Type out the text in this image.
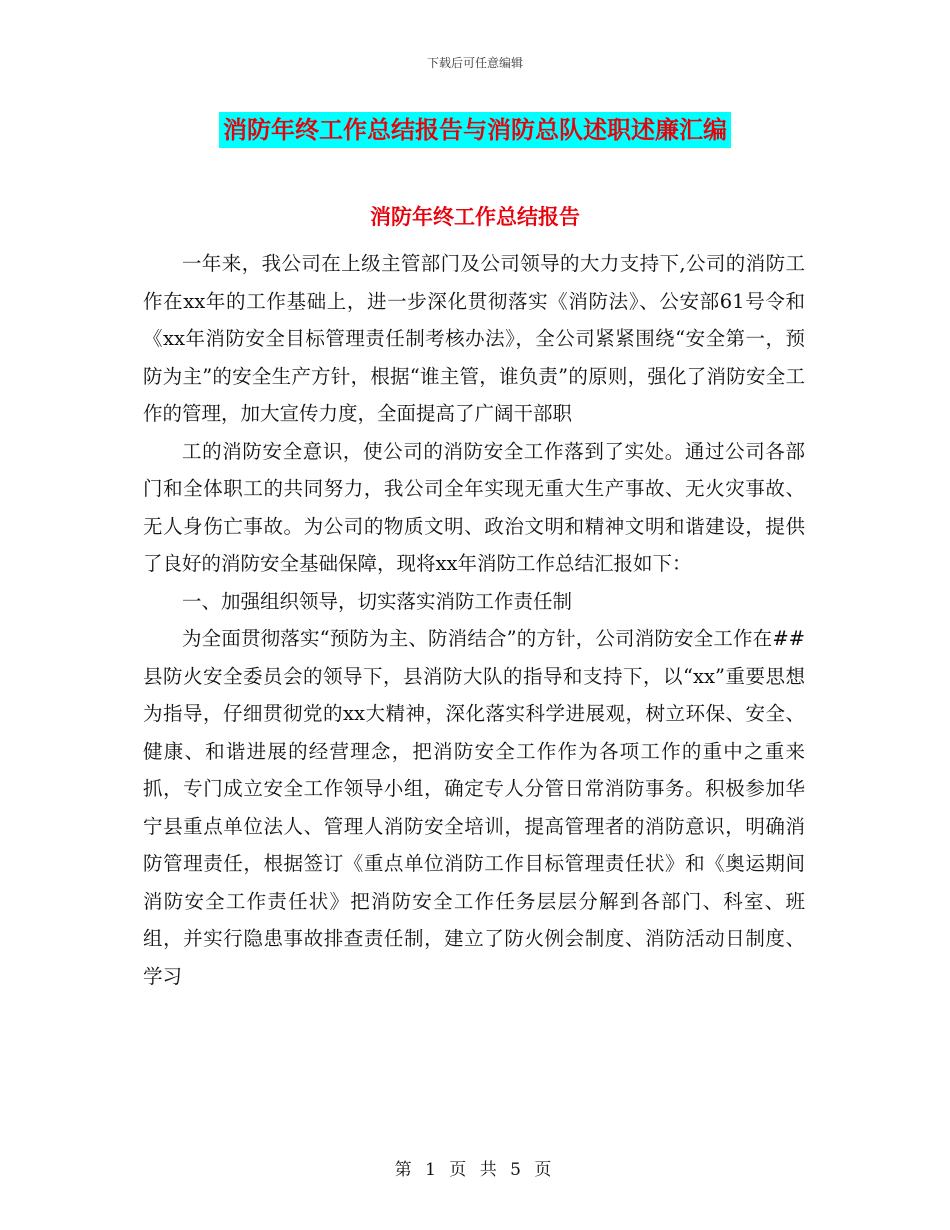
下载后可任意编辑
消防年终工作总结报告与消防总队述职述廉汇编
消防年终工作总结报告

一年来，我公司在上级主管部门及公司领导的大力支持下,公司的消防工作在xx年的工作基础上，进一步深化贯彻落实《消防法》、公安部61号令和《xx年消防安全目标管理责任制考核办法》，全公司紧紧围绕“安全第一，预防为主”的安全生产方针，根据“谁主管，谁负责”的原则，强化了消防安全工作的管理，加大宣传力度，全面提高了广阔干部职

工的消防安全意识，使公司的消防安全工作落到了实处。通过公司各部门和全体职工的共同努力，我公司全年实现无重大生产事故、无火灾事故、无人身伤亡事故。为公司的物质文明、政治文明和精神文明和谐建设，提供了良好的消防安全基础保障，现将xx年消防工作总结汇报如下：

一、加强组织领导，切实落实消防工作责任制

为全面贯彻落实“预防为主、防消结合”的方针，公司消防安全工作在##县防火安全委员会的领导下，县消防大队的指导和支持下，以“xx”重要思想为指导，仔细贯彻党的xx大精神，深化落实科学进展观，树立环保、安全、健康、和谐进展的经营理念，把消防安全工作作为各项工作的重中之重来抓，专门成立安全工作领导小组，确定专人分管日常消防事务。积极参加华宁县重点单位法人、管理人消防安全培训，提高管理者的消防意识，明确消防管理责任，根据签订《重点单位消防工作目标管理责任状》和《奥运期间消防安全工作责任状》把消防安全工作任务层层分解到各部门、科室、班组，并实行隐患事故排查责任制，建立了防火例会制度、消防活动日制度、学习

第 1 页 共 5 页
